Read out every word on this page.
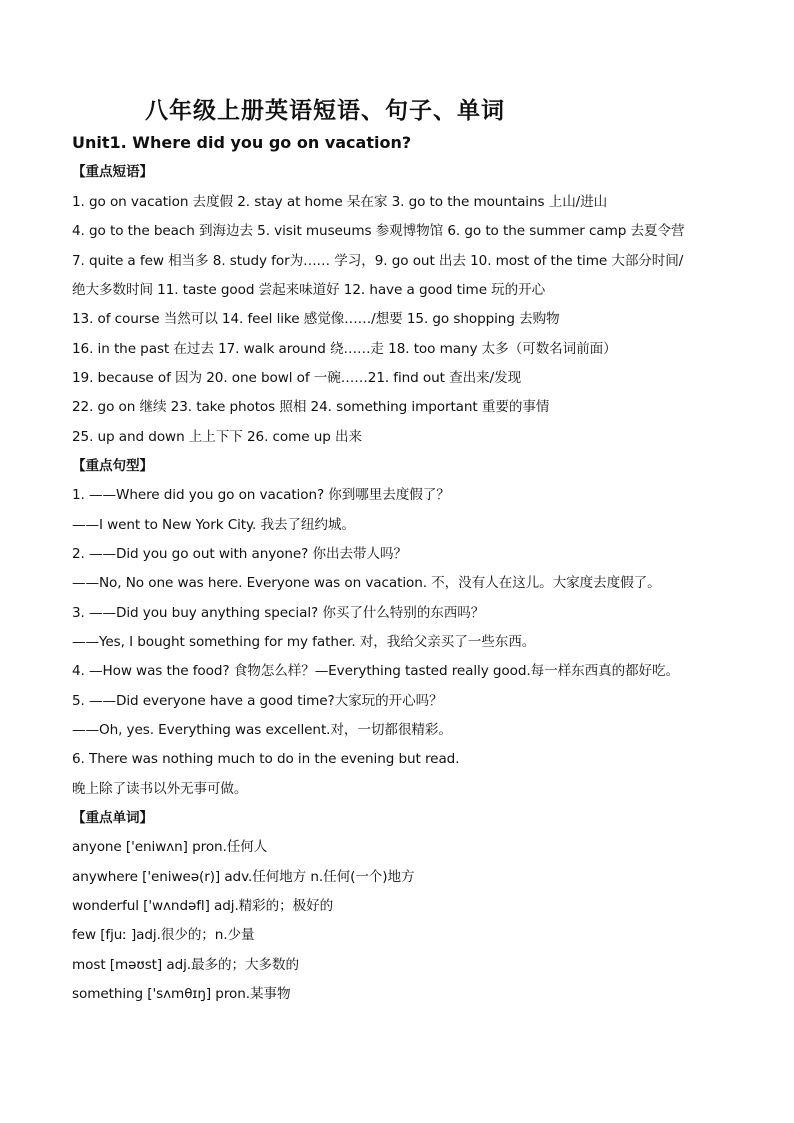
八年级上册英语短语、句子、单词
Unit1. Where did you go on vacation?
【重点短语】
1. go on vacation 去度假 2. stay at home 呆在家 3. go to the mountains 上山/进山
4. go to the beach 到海边去 5. visit museums 参观博物馆 6. go to the summer camp 去夏令营
7. quite a few 相当多 8. study for为…… 学习，9. go out 出去 10. most of the time 大部分时间/
绝大多数时间 11. taste good 尝起来味道好 12. have a good time 玩的开心
13. of course 当然可以 14. feel like 感觉像……/想要 15. go shopping 去购物
16. in the past 在过去 17. walk around 绕……走 18. too many 太多（可数名词前面）
19. because of 因为 20. one bowl of 一碗……21. find out 查出来/发现
22. go on 继续 23. take photos 照相 24. something important 重要的事情
25. up and down 上上下下 26. come up 出来
【重点句型】
1. ——Where did you go on vacation? 你到哪里去度假了？
——I went to New York City. 我去了纽约城。
2. ——Did you go out with anyone? 你出去带人吗？
——No, No one was here. Everyone was on vacation. 不，没有人在这儿。大家度去度假了。
3. ——Did you buy anything special? 你买了什么特别的东西吗？
——Yes, I bought something for my father. 对，我给父亲买了一些东西。
4. —How was the food? 食物怎么样？—Everything tasted really good.每一样东西真的都好吃。
5. ——Did everyone have a good time?大家玩的开心吗？
——Oh, yes. Everything was excellent.对，一切都很精彩。
6. There was nothing much to do in the evening but read.
晚上除了读书以外无事可做。
【重点单词】
anyone ['eniwʌn] pron.任何人
anywhere ['eniweə(r)] adv.任何地方 n.任何(一个)地方
wonderful ['wʌndəfl] adj.精彩的；极好的
few [fjuː ]adj.很少的；n.少量
most [məʊst] adj.最多的；大多数的
something ['sʌmθɪŋ] pron.某事物
